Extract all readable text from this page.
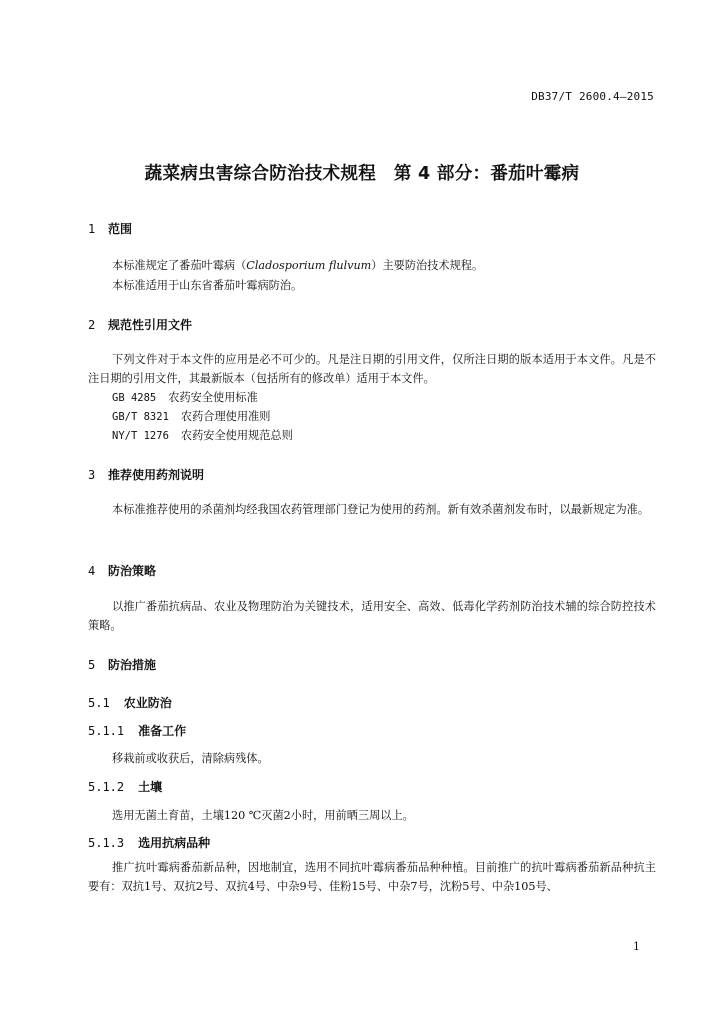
DB37/T 2600.4—2015
蔬菜病虫害综合防治技术规程　第 4 部分：番茄叶霉病
1 范围
本标准规定了番茄叶霉病（Cladosporium flulvum）主要防治技术规程。
本标准适用于山东省番茄叶霉病防治。
2 规范性引用文件
下列文件对于本文件的应用是必不可少的。凡是注日期的引用文件，仅所注日期的版本适用于本文件。凡是不注日期的引用文件，其最新版本（包括所有的修改单）适用于本文件。
GB 4285 农药安全使用标准
GB/T 8321 农药合理使用准则
NY/T 1276 农药安全使用规范总则
3 推荐使用药剂说明
本标准推荐使用的杀菌剂均经我国农药管理部门登记为使用的药剂。新有效杀菌剂发布时，以最新规定为准。
4 防治策略
以推广番茄抗病品、农业及物理防治为关键技术，适用安全、高效、低毒化学药剂防治技术辅的综合防控技术策略。
5 防治措施
5.1 农业防治
5.1.1 准备工作
移栽前或收获后，清除病残体。
5.1.2 土壤
选用无菌土育苗，土壤120 ℃灭菌2小时，用前晒三周以上。
5.1.3 选用抗病品种
推广抗叶霉病番茄新品种，因地制宜，选用不同抗叶霉病番茄品种种植。目前推广的抗叶霉病番茄新品种抗主要有：双抗1号、双抗2号、双抗4号、中杂9号、佳粉15号、中杂7号，沈粉5号、中杂105号、
1
